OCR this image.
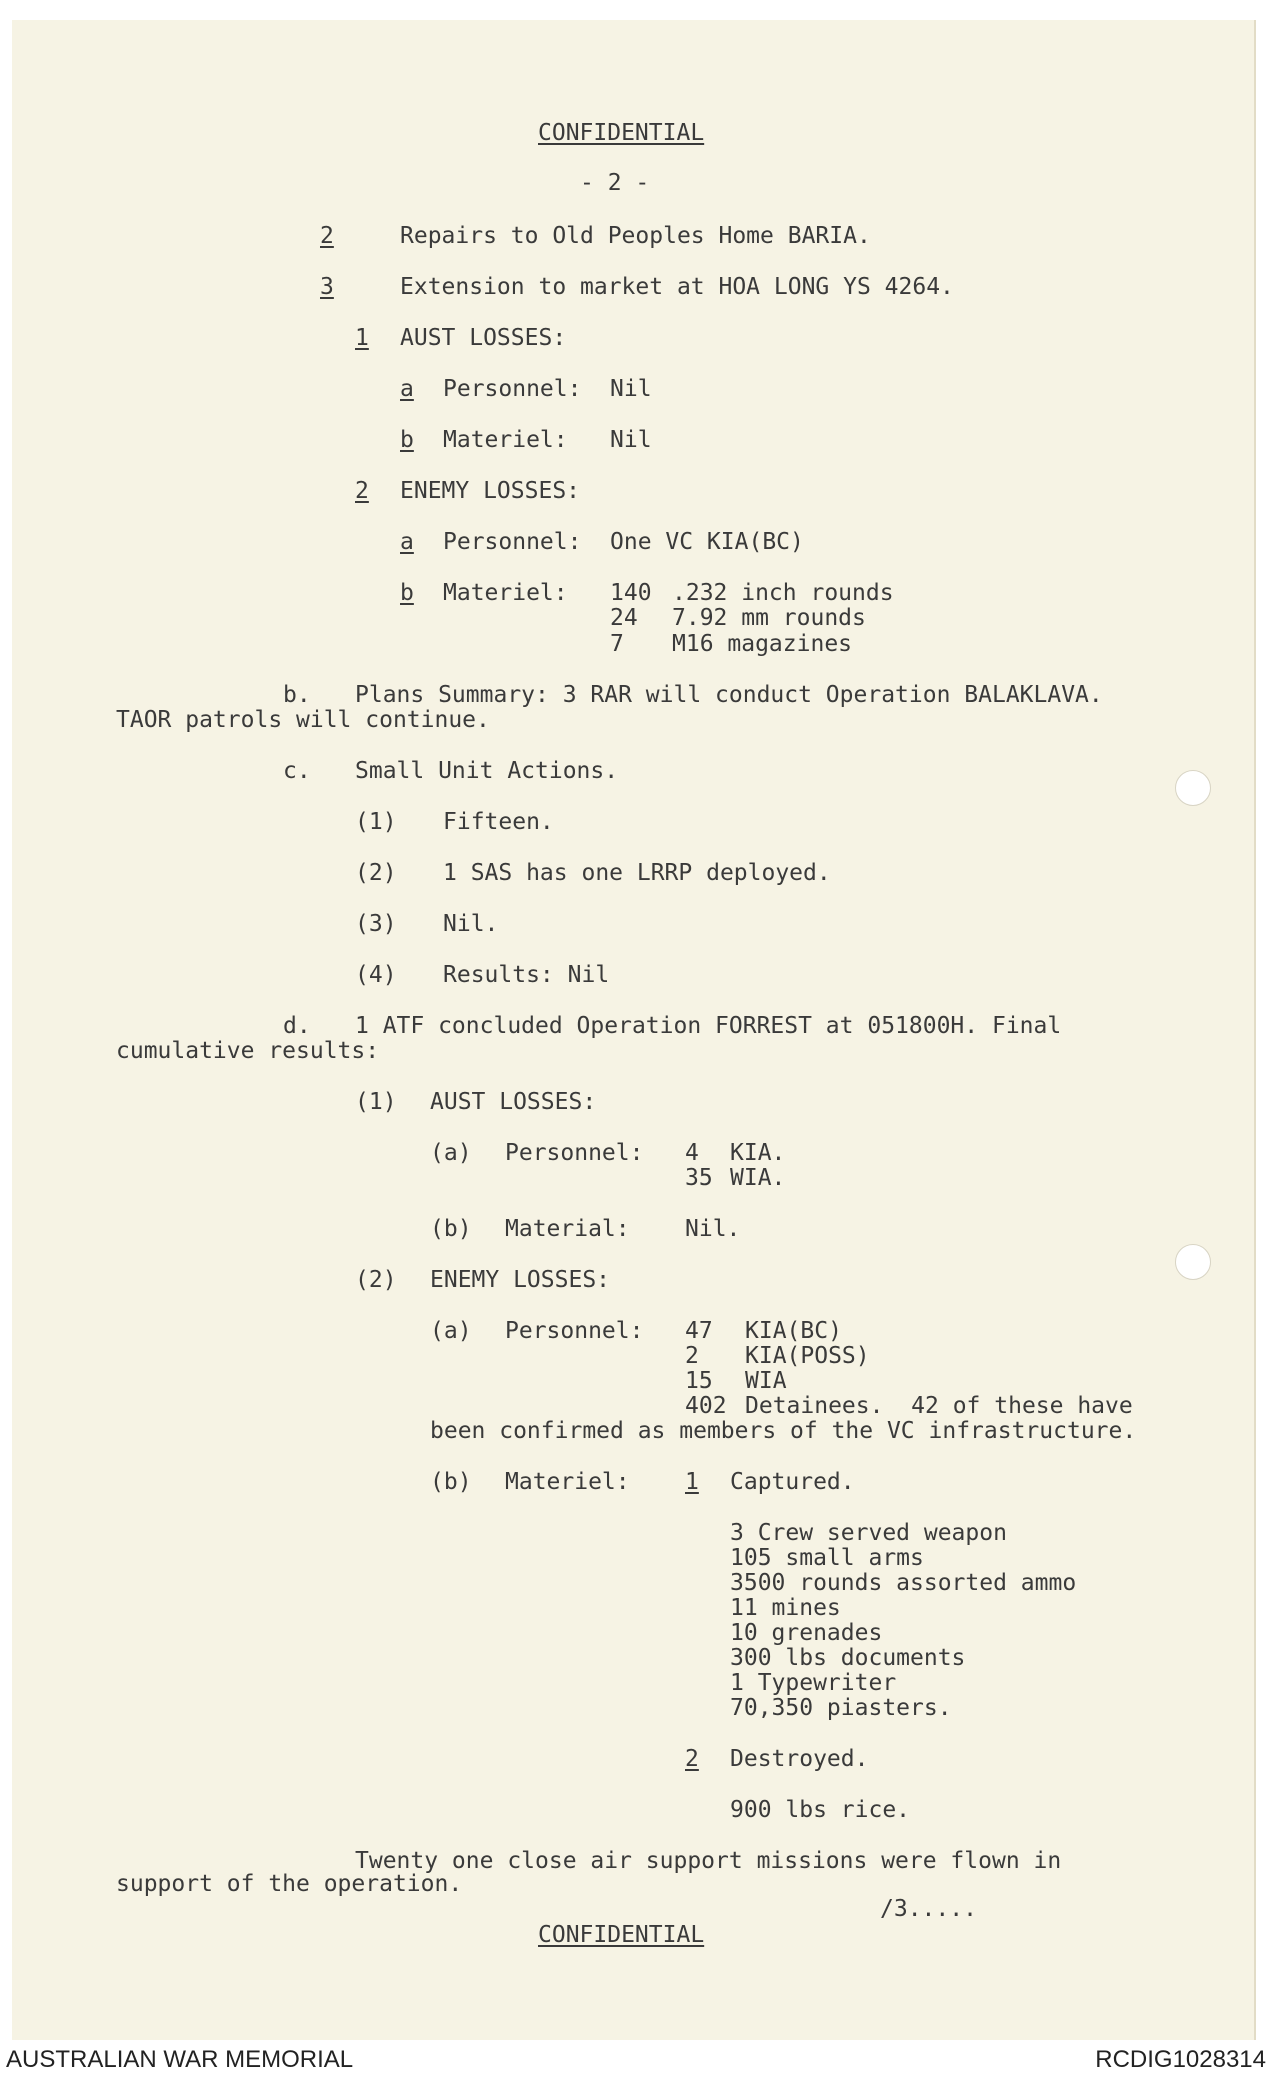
CONFIDENTIAL
- 2 -
2	Repairs to Old Peoples Home BARIA.
3	Extension to market at HOA LONG YS 4264.
1 AUST LOSSES:
a Personnel: Nil
b Materiel: Nil
2 ENEMY LOSSES:
a Personnel: One VC KIA(BC)
b Materiel: 140 .232 inch rounds
24 7.92 mm rounds
7 M16 magazines
b. Plans Summary: 3 RAR will conduct Operation BALAKLAVA.
TAOR patrols will continue.
c. Small Unit Actions.
(1) Fifteen.
(2) 1 SAS has one LRRP deployed.
(3) Nil.
(4) Results: Nil
d. 1 ATF concluded Operation FORREST at 051800H. Final
cumulative results:
(1) AUST LOSSES:
(a) Personnel: 4 KIA.
35 WIA.
(b) Material: Nil.
(2) ENEMY LOSSES:
(a) Personnel: 47 KIA(BC)
2 KIA(POSS)
15 WIA
402 Detainees.  42 of these have
been confirmed as members of the VC infrastructure.
(b) Materiel: 1 Captured.
3 Crew served weapon
105 small arms
3500 rounds assorted ammo
11 mines
10 grenades
300 lbs documents
1 Typewriter
70,350 piasters.
2 Destroyed.
900 lbs rice.
Twenty one close air support missions were flown in
support of the operation.
/3.....
CONFIDENTIAL
AUSTRALIAN WAR MEMORIAL	RCDIG1028314
